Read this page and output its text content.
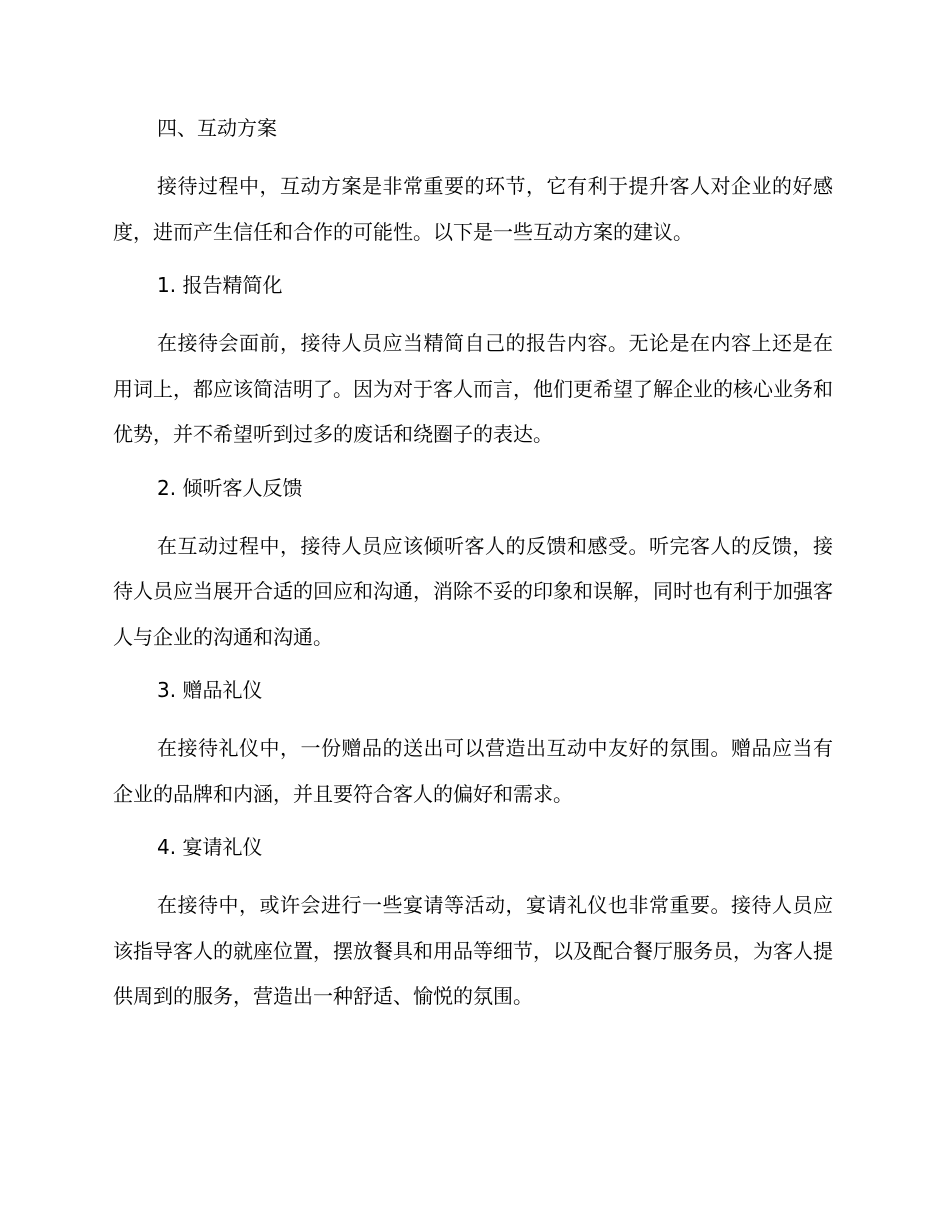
四、互动方案

接待过程中，互动方案是非常重要的环节，它有利于提升客人对企业的好感度，进而产生信任和合作的可能性。以下是一些互动方案的建议。

1. 报告精简化

在接待会面前，接待人员应当精简自己的报告内容。无论是在内容上还是在用词上，都应该简洁明了。因为对于客人而言，他们更希望了解企业的核心业务和优势，并不希望听到过多的废话和绕圈子的表达。

2. 倾听客人反馈

在互动过程中，接待人员应该倾听客人的反馈和感受。听完客人的反馈，接待人员应当展开合适的回应和沟通，消除不妥的印象和误解，同时也有利于加强客人与企业的沟通和沟通。

3. 赠品礼仪

在接待礼仪中，一份赠品的送出可以营造出互动中友好的氛围。赠品应当有企业的品牌和内涵，并且要符合客人的偏好和需求。

4. 宴请礼仪

在接待中，或许会进行一些宴请等活动，宴请礼仪也非常重要。接待人员应该指导客人的就座位置，摆放餐具和用品等细节，以及配合餐厅服务员，为客人提供周到的服务，营造出一种舒适、愉悦的氛围。
